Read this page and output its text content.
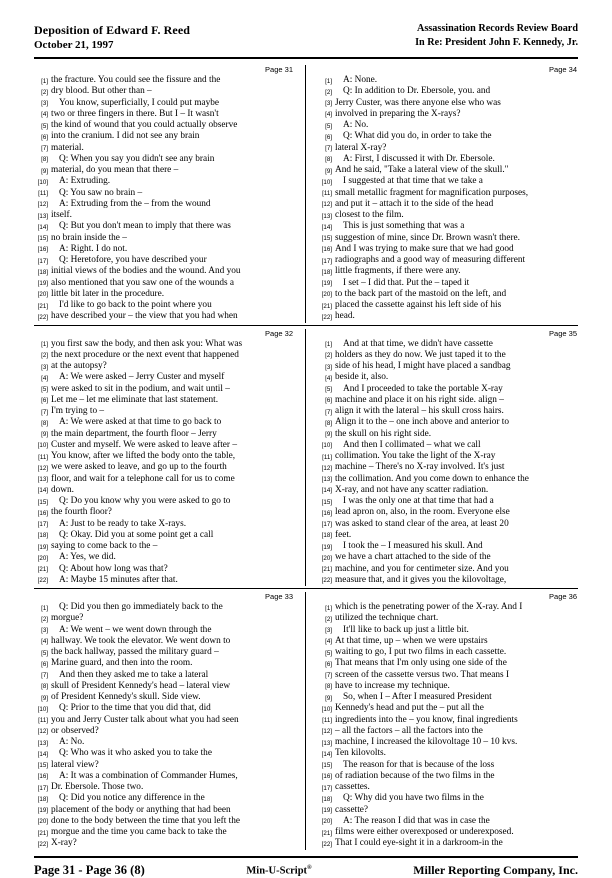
Deposition of Edward F. Reed
October 21, 1997
Assassination Records Review Board
In Re: President John F. Kennedy, Jr.
Page 31
[1] the fracture. You could see the fissure and the
[2] dry blood. But other than –
[3] You know, superficially, I could put maybe
[4] two or three fingers in there. But I – It wasn't
[5] the kind of wound that you could actually observe
[6] into the cranium. I did not see any brain
[7] material.
[8] Q: When you say you didn't see any brain
[9] material, do you mean that there –
[10] A: Extruding.
[11] Q: You saw no brain –
[12] A: Extruding from the – from the wound
[13] itself.
[14] Q: But you don't mean to imply that there was
[15] no brain inside the –
[16] A: Right. I do not.
[17] Q: Heretofore, you have described your
[18] initial views of the bodies and the wound. And you
[19] also mentioned that you saw one of the wounds a
[20] little bit later in the procedure.
[21] I'd like to go back to the point where you
[22] have described your – the view that you had when
Page 34
[1] A: None.
[2] Q: In addition to Dr. Ebersole, you. and
[3] Jerry Custer, was there anyone else who was
[4] involved in preparing the X-rays?
[5] A: No.
[6] Q: What did you do, in order to take the
[7] lateral X-ray?
[8] A: First, I discussed it with Dr. Ebersole.
[9] And he said, "Take a lateral view of the skull."
[10] I suggested at that time that we take a
[11] small metallic fragment for magnification purposes,
[12] and put it – attach it to the side of the head
[13] closest to the film.
[14] This is just something that was a
[15] suggestion of mine, since Dr. Brown wasn't there.
[16] And I was trying to make sure that we had good
[17] radiographs and a good way of measuring different
[18] little fragments, if there were any.
[19] I set – I did that. Put the – taped it
[20] to the back part of the mastoid on the left, and
[21] placed the cassette against his left side of his
[22] head.
Page 32
[1] you first saw the body, and then ask you: What was
[2] the next procedure or the next event that happened
[3] at the autopsy?
[4] A: We were asked – Jerry Custer and myself
[5] were asked to sit in the podium, and wait until –
[6] Let me – let me eliminate that last statement.
[7] I'm trying to –
[8] A: We were asked at that time to go back to
[9] the main department, the fourth floor – Jerry
[10] Custer and myself. We were asked to leave after –
[11] You know, after we lifted the body onto the table,
[12] we were asked to leave, and go up to the fourth
[13] floor, and wait for a telephone call for us to come
[14] down.
[15] Q: Do you know why you were asked to go to
[16] the fourth floor?
[17] A: Just to be ready to take X-rays.
[18] Q: Okay. Did you at some point get a call
[19] saying to come back to the –
[20] A: Yes, we did.
[21] Q: About how long was that?
[22] A: Maybe 15 minutes after that.
Page 35
[1] And at that time, we didn't have cassette
[2] holders as they do now. We just taped it to the
[3] side of his head, I might have placed a sandbag
[4] beside it, also.
[5] And I proceeded to take the portable X-ray
[6] machine and place it on his right side. align –
[7] align it with the lateral – his skull cross hairs.
[8] Align it to the – one inch above and anterior to
[9] the skull on his right side.
[10] And then I collimated – what we call
[11] collimation. You take the light of the X-ray
[12] machine – There's no X-ray involved. It's just
[13] the collimation. And you come down to enhance the
[14] X-ray, and not have any scatter radiation.
[15] I was the only one at that time that had a
[16] lead apron on, also, in the room. Everyone else
[17] was asked to stand clear of the area, at least 20
[18] feet.
[19] I took the – I measured his skull. And
[20] we have a chart attached to the side of the
[21] machine, and you for centimeter size. And you
[22] measure that, and it gives you the kilovoltage,
Page 33
[1] Q: Did you then go immediately back to the
[2] morgue?
[3] A: We went – we went down through the
[4] hallway. We took the elevator. We went down to
[5] the back hallway, passed the military guard –
[6] Marine guard, and then into the room.
[7] And then they asked me to take a lateral
[8] skull of President Kennedy's head – lateral view
[9] of President Kennedy's skull. Side view.
[10] Q: Prior to the time that you did that, did
[11] you and Jerry Custer talk about what you had seen
[12] or observed?
[13] A: No.
[14] Q: Who was it who asked you to take the
[15] lateral view?
[16] A: It was a combination of Commander Humes,
[17] Dr. Ebersole. Those two.
[18] Q: Did you notice any difference in the
[19] placement of the body or anything that had been
[20] done to the body between the time that you left the
[21] morgue and the time you came back to take the
[22] X-ray?
Page 36
[1] which is the penetrating power of the X-ray. And I
[2] utilized the technique chart.
[3] It'll like to back up just a little bit.
[4] At that time, up – when we were upstairs
[5] waiting to go, I put two films in each cassette.
[6] That means that I'm only using one side of the
[7] screen of the cassette versus two. That means I
[8] have to increase my technique.
[9] So, when I – After I measured President
[10] Kennedy's head and put the – put all the
[11] ingredients into the – you know, final ingredients
[12] – all the factors – all the factors into the
[13] machine, I increased the kilovoltage 10 – 10 kvs.
[14] Ten kilovolts.
[15] The reason for that is because of the loss
[16] of radiation because of the two films in the
[17] cassettes.
[18] Q: Why did you have two films in the
[19] cassette?
[20] A: The reason I did that was in case the
[21] films were either overexposed or underexposed.
[22] That I could eye-sight it in a darkroom-in the
Page 31 - Page 36 (8)	Min-U-Script®	Miller Reporting Company, Inc.
